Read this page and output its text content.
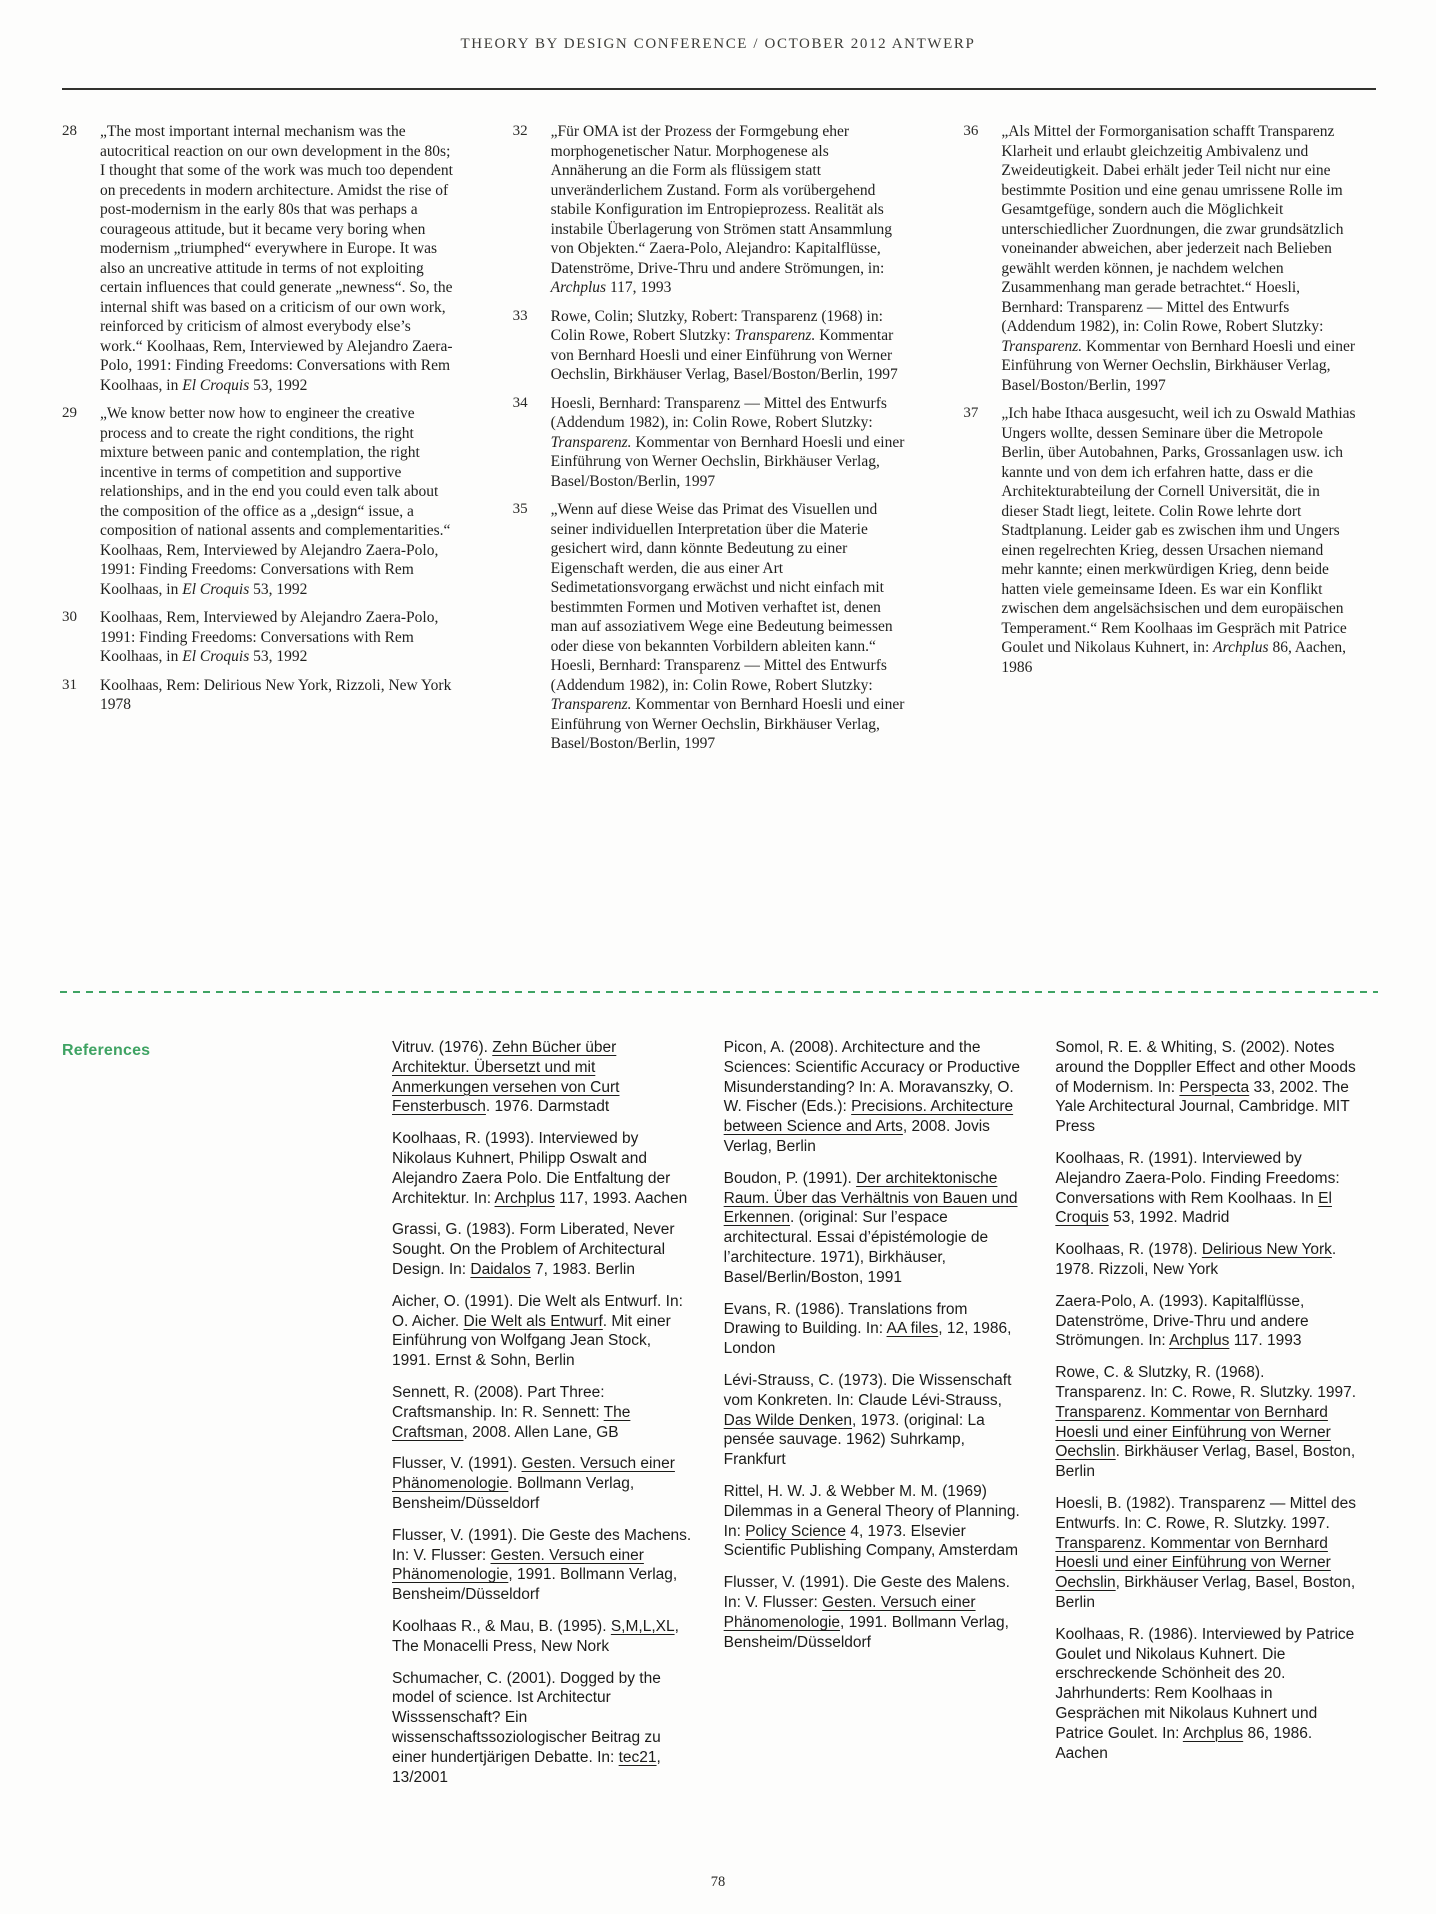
THEORY BY DESIGN CONFERENCE / OCTOBER 2012 ANTWERP
28	„The most important internal mechanism was the autocritical reaction on our own development in the 80s; I thought that some of the work was much too dependent on precedents in modern architecture. Amidst the rise of post-modernism in the early 80s that was perhaps a courageous attitude, but it became very boring when modernism „triumphed“ everywhere in Europe. It was also an uncreative attitude in terms of not exploiting certain influences that could generate „newness“. So, the internal shift was based on a criticism of our own work, reinforced by criticism of almost everybody else’s work.“ Koolhaas, Rem, Interviewed by Alejandro Zaera-Polo, 1991: Finding Freedoms: Conversations with Rem Koolhaas, in El Croquis 53, 1992
29	„We know better now how to engineer the creative process and to create the right conditions, the right mixture between panic and contemplation, the right incentive in terms of competition and supportive relationships, and in the end you could even talk about the composition of the office as a „design“ issue, a composition of national assents and complementarities.“ Koolhaas, Rem, Interviewed by Alejandro Zaera-Polo, 1991: Finding Freedoms: Conversations with Rem Koolhaas, in El Croquis 53, 1992
30	Koolhaas, Rem, Interviewed by Alejandro Zaera-Polo, 1991: Finding Freedoms: Conversations with Rem Koolhaas, in El Croquis 53, 1992
31	Koolhaas, Rem: Delirious New York, Rizzoli, New York 1978
32	„Für OMA ist der Prozess der Formgebung eher morphogenetischer Natur. Morphogenese als Annäherung an die Form als flüssigem statt unveränderlichem Zustand. Form als vorübergehend stabile Konfiguration im Entropieprozess. Realität als instabile Überlagerung von Strömen statt Ansammlung von Objekten.“ Zaera-Polo, Alejandro: Kapitalflüsse, Datenströme, Drive-Thru und andere Strömungen, in: Archplus 117, 1993
33	Rowe, Colin; Slutzky, Robert: Transparenz (1968) in: Colin Rowe, Robert Slutzky: Transparenz. Kommentar von Bernhard Hoesli und einer Einführung von Werner Oechslin, Birkhäuser Verlag, Basel/Boston/Berlin, 1997
34	Hoesli, Bernhard: Transparenz — Mittel des Entwurfs (Addendum 1982), in: Colin Rowe, Robert Slutzky: Transparenz. Kommentar von Bernhard Hoesli und einer Einführung von Werner Oechslin, Birkhäuser Verlag, Basel/Boston/Berlin, 1997
35	„Wenn auf diese Weise das Primat des Visuellen und seiner individuellen Interpretation über die Materie gesichert wird, dann könnte Bedeutung zu einer Eigenschaft werden, die aus einer Art Sedimetationsvorgang erwächst und nicht einfach mit bestimmten Formen und Motiven verhaftet ist, denen man auf assoziativem Wege eine Bedeutung beimessen oder diese von bekannten Vorbildern ableiten kann.“ Hoesli, Bernhard: Transparenz — Mittel des Entwurfs (Addendum 1982), in: Colin Rowe, Robert Slutzky: Transparenz. Kommentar von Bernhard Hoesli und einer Einführung von Werner Oechslin, Birkhäuser Verlag, Basel/Boston/Berlin, 1997
36	„Als Mittel der Formorganisation schafft Transparenz Klarheit und erlaubt gleichzeitig Ambivalenz und Zweideutigkeit. Dabei erhält jeder Teil nicht nur eine bestimmte Position und eine genau umrissene Rolle im Gesamtgefüge, sondern auch die Möglichkeit unterschiedlicher Zuordnungen, die zwar grundsätzlich voneinander abweichen, aber jederzeit nach Belieben gewählt werden können, je nachdem welchen Zusammenhang man gerade betrachtet.“ Hoesli, Bernhard: Transparenz — Mittel des Entwurfs (Addendum 1982), in: Colin Rowe, Robert Slutzky: Transparenz. Kommentar von Bernhard Hoesli und einer Einführung von Werner Oechslin, Birkhäuser Verlag, Basel/Boston/Berlin, 1997
37	„Ich habe Ithaca ausgesucht, weil ich zu Oswald Mathias Ungers wollte, dessen Seminare über die Metropole Berlin, über Autobahnen, Parks, Grossanlagen usw. ich kannte und von dem ich erfahren hatte, dass er die Architekturabteilung der Cornell Universität, die in dieser Stadt liegt, leitete. Colin Rowe lehrte dort Stadtplanung. Leider gab es zwischen ihm und Ungers einen regelrechten Krieg, dessen Ursachen niemand mehr kannte; einen merkwürdigen Krieg, denn beide hatten viele gemeinsame Ideen. Es war ein Konflikt zwischen dem angelsächsischen und dem europäischen Temperament.“ Rem Koolhaas im Gespräch mit Patrice Goulet und Nikolaus Kuhnert, in: Archplus 86, Aachen, 1986
References	Vitruv. (1976). Zehn Bücher über Architektur. Übersetzt und mit Anmerkungen versehen von Curt Fensterbusch. 1976. Darmstadt

Koolhaas, R. (1993). Interviewed by Nikolaus Kuhnert, Philipp Oswalt and Alejandro Zaera Polo. Die Entfaltung der Architektur. In: Archplus 117, 1993. Aachen

Grassi, G. (1983). Form Liberated, Never Sought. On the Problem of Architectural Design. In: Daidalos 7, 1983. Berlin

Aicher, O. (1991). Die Welt als Entwurf. In: O. Aicher. Die Welt als Entwurf. Mit einer Einführung von Wolfgang Jean Stock, 1991. Ernst & Sohn, Berlin

Sennett, R. (2008). Part Three: Craftsmanship. In: R. Sennett: The Craftsman, 2008. Allen Lane, GB

Flusser, V. (1991). Gesten. Versuch einer Phänomenologie. Bollmann Verlag, Bensheim/Düsseldorf

Flusser, V. (1991). Die Geste des Machens. In: V. Flusser: Gesten. Versuch einer Phänomenologie, 1991. Bollmann Verlag, Bensheim/Düsseldorf

Koolhaas R., & Mau, B. (1995). S,M,L,XL, The Monacelli Press, New Nork

Schumacher, C. (2001). Dogged by the model of science. Ist Architectur Wisssenschaft? Ein wissenschaftssoziologischer Beitrag zu einer hundertjärigen Debatte. In: tec21, 13/2001

Picon, A. (2008). Architecture and the Sciences: Scientific Accuracy or Productive Misunderstanding? In: A. Moravanszky, O. W. Fischer (Eds.): Precisions. Architecture between Science and Arts, 2008. Jovis Verlag, Berlin

Boudon, P. (1991). Der architektonische Raum. Über das Verhältnis von Bauen und Erkennen. (original: Sur l’espace architectural. Essai d’épistémologie de l’architecture. 1971), Birkhäuser, Basel/Berlin/Boston, 1991

Evans, R. (1986). Translations from Drawing to Building. In: AA files, 12, 1986, London

Lévi-Strauss, C. (1973). Die Wissenschaft vom Konkreten. In: Claude Lévi-Strauss, Das Wilde Denken, 1973. (original: La pensée sauvage. 1962) Suhrkamp, Frankfurt

Rittel, H. W. J. & Webber M. M. (1969) Dilemmas in a General Theory of Planning. In: Policy Science 4, 1973. Elsevier Scientific Publishing Company, Amsterdam

Flusser, V. (1991). Die Geste des Malens. In: V. Flusser: Gesten. Versuch einer Phänomenologie, 1991. Bollmann Verlag, Bensheim/Düsseldorf

Somol, R. E. & Whiting, S. (2002). Notes around the Doppller Effect and other Moods of Modernism. In: Perspecta 33, 2002. The Yale Architectural Journal, Cambridge. MIT Press

Koolhaas, R. (1991). Interviewed by Alejandro Zaera-Polo. Finding Freedoms: Conversations with Rem Koolhaas. In El Croquis 53, 1992. Madrid

Koolhaas, R. (1978). Delirious New York. 1978. Rizzoli, New York

Zaera-Polo, A. (1993). Kapitalflüsse, Datenströme, Drive-Thru und andere Strömungen. In: Archplus 117. 1993

Rowe, C. & Slutzky, R. (1968). Transparenz. In: C. Rowe, R. Slutzky. 1997. Transparenz. Kommentar von Bernhard Hoesli und einer Einführung von Werner Oechslin. Birkhäuser Verlag, Basel, Boston, Berlin

Hoesli, B. (1982). Transparenz — Mittel des Entwurfs. In: C. Rowe, R. Slutzky. 1997. Transparenz. Kommentar von Bernhard Hoesli und einer Einführung von Werner Oechslin, Birkhäuser Verlag, Basel, Boston, Berlin

Koolhaas, R. (1986). Interviewed by Patrice Goulet und Nikolaus Kuhnert. Die erschreckende Schönheit des 20. Jahrhunderts: Rem Koolhaas in Gesprächen mit Nikolaus Kuhnert und Patrice Goulet. In: Archplus 86, 1986. Aachen

78
